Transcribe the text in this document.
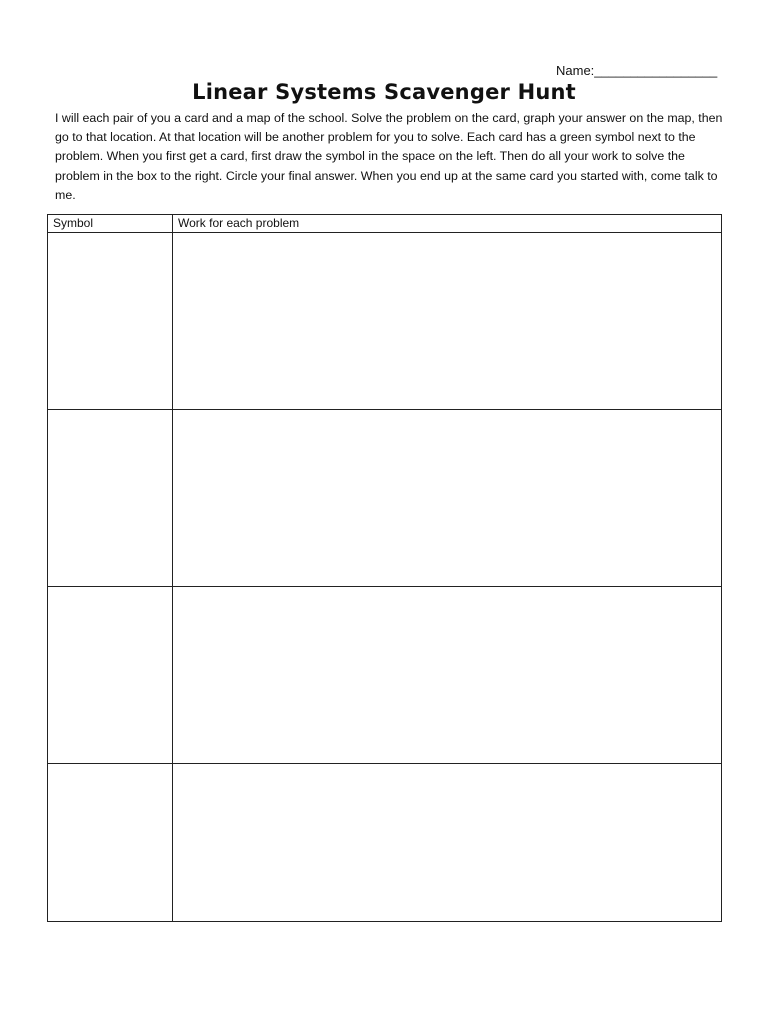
Name:_________________
Linear Systems Scavenger Hunt

I will each pair of you a card and a map of the school. Solve the problem on the card, graph your answer on the map, then go to that location. At that location will be another problem for you to solve. Each card has a green symbol next to the problem. When you first get a card, first draw the symbol in the space on the left. Then do all your work to solve the problem in the box to the right. Circle your final answer. When you end up at the same card you started with, come talk to me.

Symbol	Work for each problem
